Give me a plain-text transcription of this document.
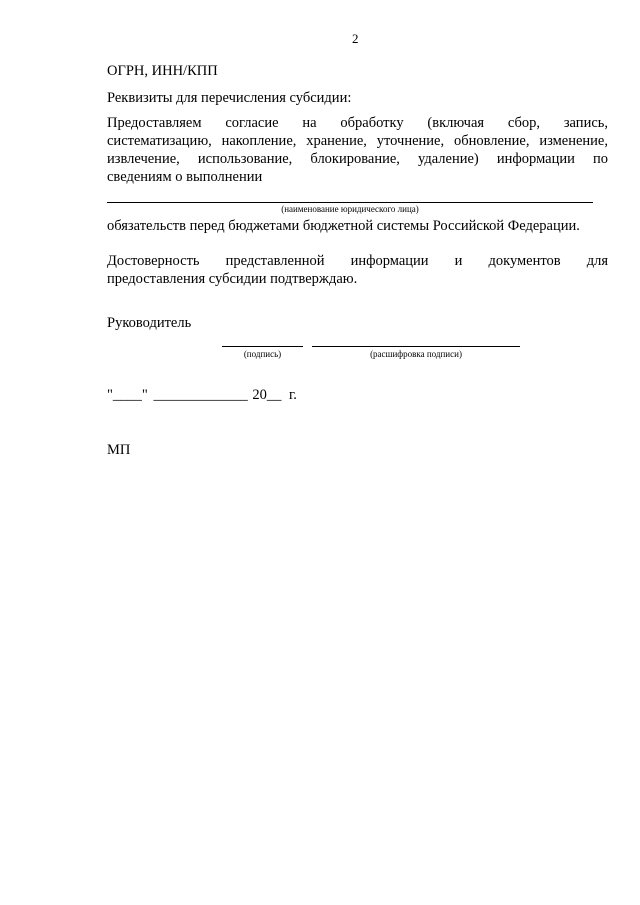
2
ОГРН, ИНН/КПП
Реквизиты для перечисления субсидии:
Предоставляем согласие на обработку (включая сбор, запись,
систематизацию, накопление, хранение, уточнение, обновление, изменение,
извлечение, использование, блокирование, удаление) информации по
сведениям о выполнении
(наименование юридического лица)
обязательств перед бюджетами бюджетной системы Российской Федерации.
Достоверность представленной информации и документов для
предоставления субсидии подтверждаю.
Руководитель
(подпись)	(расшифровка подписи)
"____" _____________ 20__ г.
МП
